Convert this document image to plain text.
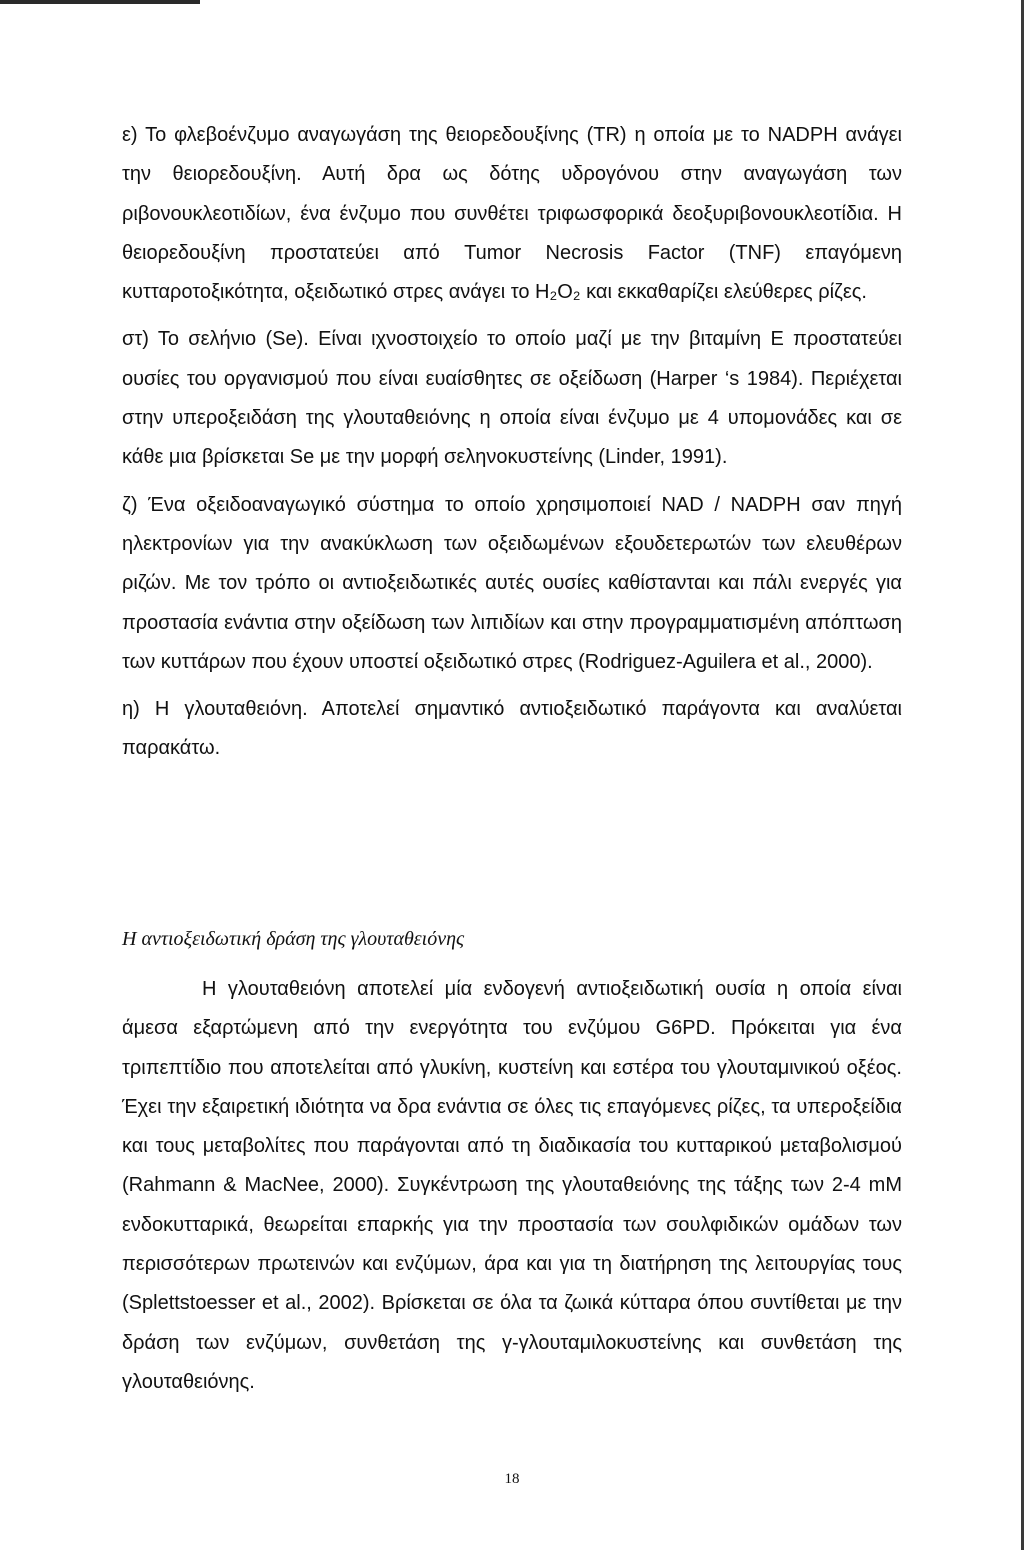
ε) Το φλεβοένζυμο αναγωγάση της θειορεδουξίνης (TR) η οποία με το NADPH ανάγει την θειορεδουξίνη. Αυτή δρα ως δότης υδρογόνου στην αναγωγάση των ριβονουκλεοτιδίων, ένα ένζυμο που συνθέτει τριφωσφορικά δεοξυριβονουκλεοτίδια. Η θειορεδουξίνη προστατεύει από Tumor Necrosis Factor (TNF) επαγόμενη κυτταροτοξικότητα, οξειδωτικό στρες ανάγει το H₂O₂ και εκκαθαρίζει ελεύθερες ρίζες.

στ) Το σελήνιο (Se). Είναι ιχνοστοιχείο το οποίο μαζί με την βιταμίνη Ε προστατεύει ουσίες του οργανισμού που είναι ευαίσθητες σε οξείδωση (Harper ‘s 1984). Περιέχεται στην υπεροξειδάση της γλουταθειόνης η οποία είναι ένζυμο με 4 υπομονάδες και σε κάθε μια βρίσκεται Se με την μορφή σεληνοκυστείνης (Linder, 1991).

ζ) Ένα οξειδοαναγωγικό σύστημα το οποίο χρησιμοποιεί NAD / NADPH σαν πηγή ηλεκτρονίων για την ανακύκλωση των οξειδωμένων εξουδετερωτών των ελευθέρων ριζών. Με τον τρόπο οι αντιοξειδωτικές αυτές ουσίες καθίστανται και πάλι ενεργές για προστασία ενάντια στην οξείδωση των λιπιδίων και στην προγραμματισμένη απόπτωση των κυττάρων που έχουν υποστεί οξειδωτικό στρες (Rodriguez-Aguilera et al., 2000).

η) Η γλουταθειόνη. Αποτελεί σημαντικό αντιοξειδωτικό παράγοντα και αναλύεται παρακάτω.

Η αντιοξειδωτική δράση της γλουταθειόνης

Η γλουταθειόνη αποτελεί μία ενδογενή αντιοξειδωτική ουσία η οποία είναι άμεσα εξαρτώμενη από την ενεργότητα του ενζύμου G6PD. Πρόκειται για ένα τριπεπτίδιο που αποτελείται από γλυκίνη, κυστείνη και εστέρα του γλουταμινικού οξέος. Έχει την εξαιρετική ιδιότητα να δρα ενάντια σε όλες τις επαγόμενες ρίζες, τα υπεροξείδια και τους μεταβολίτες που παράγονται από τη διαδικασία του κυτταρικού μεταβολισμού (Rahmann & MacNee, 2000). Συγκέντρωση της γλουταθειόνης της τάξης των 2-4 mM ενδοκυτταρικά, θεωρείται επαρκής για την προστασία των σουλφιδικών ομάδων των περισσότερων πρωτεινών και ενζύμων, άρα και για τη διατήρηση της λειτουργίας τους (Splettstoesser et al., 2002). Βρίσκεται σε όλα τα ζωικά κύτταρα όπου συντίθεται με την δράση των ενζύμων, συνθετάση της γ-γλουταμιλοκυστείνης και συνθετάση της γλουταθειόνης.

18
